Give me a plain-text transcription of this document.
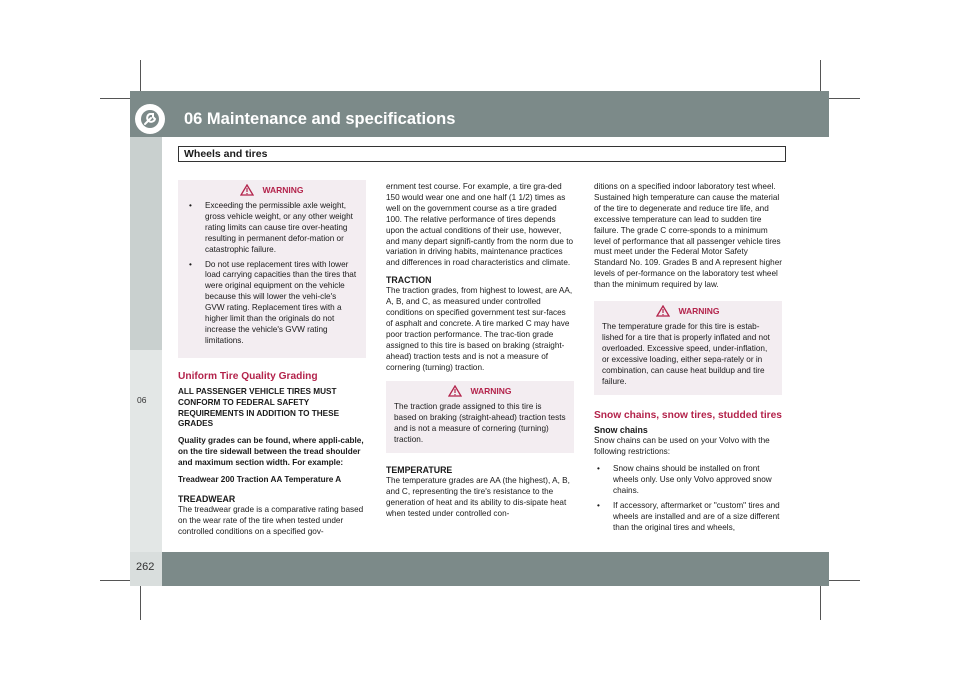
06 Maintenance and specifications
Wheels and tires
06
262
WARNING
• Exceeding the permissible axle weight, gross vehicle weight, or any other weight rating limits can cause tire over-heating resulting in permanent defor-mation or catastrophic failure.
• Do not use replacement tires with lower load carrying capacities than the tires that were original equipment on the vehicle because this will lower the vehi-cle's GVW rating. Replacement tires with a higher limit than the originals do not increase the vehicle's GVW rating limitations.
Uniform Tire Quality Grading

ALL PASSENGER VEHICLE TIRES MUST CONFORM TO FEDERAL SAFETY REQUIREMENTS IN ADDITION TO THESE GRADES

Quality grades can be found, where appli-cable, on the tire sidewall between the tread shoulder and maximum section width. For example:

Treadwear 200 Traction AA Temperature A

TREADWEAR

The treadwear grade is a comparative rating based on the wear rate of the tire when tested under controlled conditions on a specified gov-

ernment test course. For example, a tire gra-ded 150 would wear one and one half (1 1/2) times as well on the government course as a tire graded 100. The relative performance of tires depends upon the actual conditions of their use, however, and many depart signifi-cantly from the norm due to variation in driving habits, maintenance practices and differences in road characteristics and climate.

TRACTION

The traction grades, from highest to lowest, are AA, A, B, and C, as measured under controlled conditions on specified government test sur-faces of asphalt and concrete. A tire marked C may have poor traction performance. The trac-tion grade assigned to this tire is based on braking (straight-ahead) traction tests and is not a measure of cornering (turning) traction.

WARNING
The traction grade assigned to this tire is based on braking (straight-ahead) traction tests and is not a measure of cornering (turning) traction.
TEMPERATURE

The temperature grades are AA (the highest), A, B, and C, representing the tire's resistance to the generation of heat and its ability to dis-sipate heat when tested under controlled con-

ditions on a specified indoor laboratory test wheel. Sustained high temperature can cause the material of the tire to degenerate and reduce tire life, and excessive temperature can lead to sudden tire failure. The grade C corre-sponds to a minimum level of performance that all passenger vehicle tires must meet under the Federal Motor Safety Standard No. 109. Grades B and A represent higher levels of per-formance on the laboratory test wheel than the minimum required by law.

WARNING
The temperature grade for this tire is estab-lished for a tire that is properly inflated and not overloaded. Excessive speed, under-inflation, or excessive loading, either sepa-rately or in combination, can cause heat buildup and tire failure.
Snow chains, snow tires, studded tires
Snow chains

Snow chains can be used on your Volvo with the following restrictions:

• Snow chains should be installed on front wheels only. Use only Volvo approved snow chains.
• If accessory, aftermarket or "custom" tires and wheels are installed and are of a size different than the original tires and wheels,
